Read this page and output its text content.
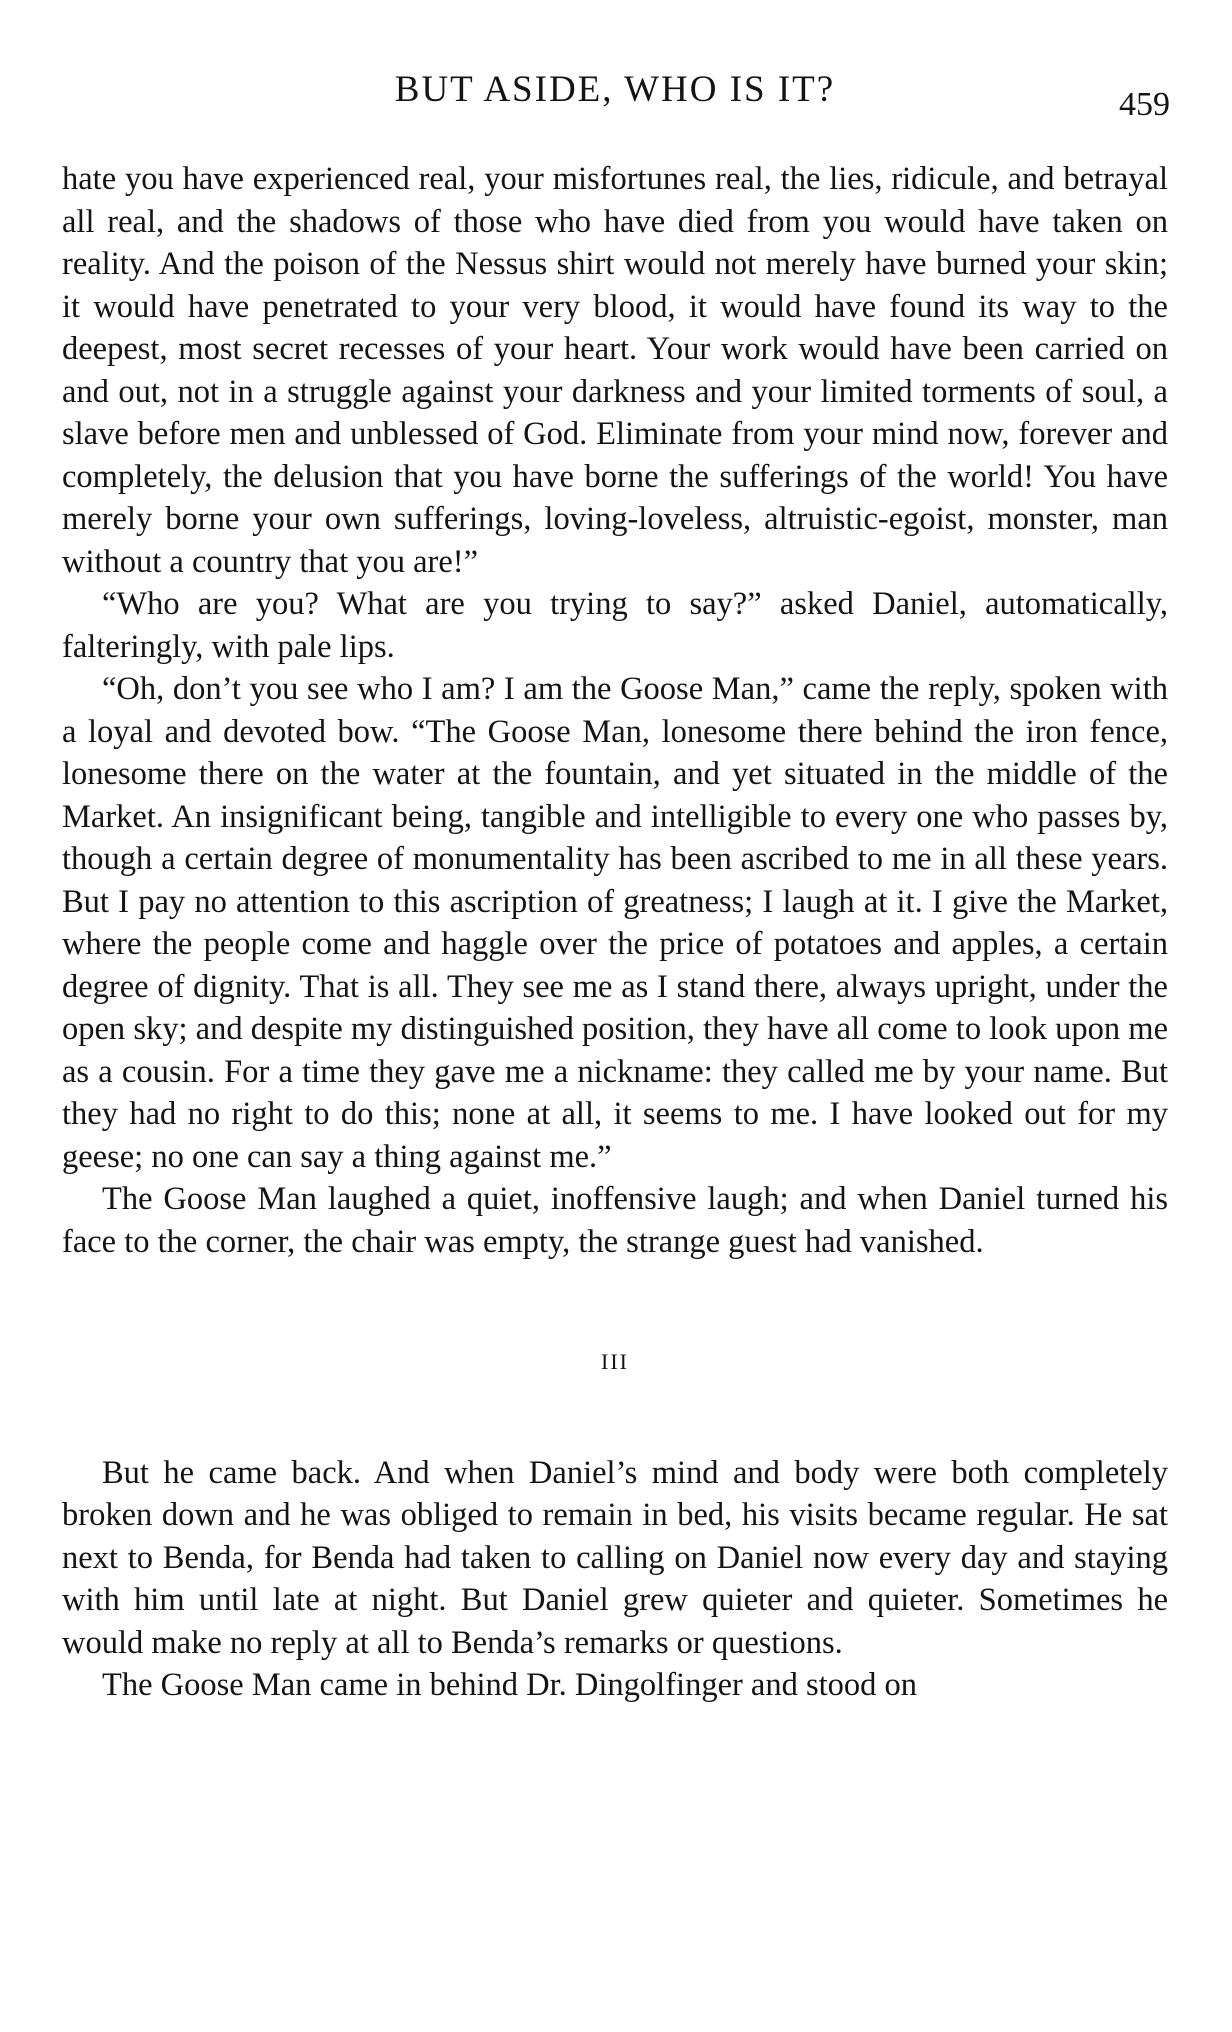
BUT ASIDE, WHO IS IT?	459

hate you have experienced real, your misfortunes real, the lies, ridicule, and betrayal all real, and the shadows of those who have died from you would have taken on reality. And the poison of the Nessus shirt would not merely have burned your skin; it would have penetrated to your very blood, it would have found its way to the deepest, most secret recesses of your heart. Your work would have been carried on and out, not in a struggle against your darkness and your limited torments of soul, a slave before men and unblessed of God. Eliminate from your mind now, forever and completely, the delusion that you have borne the sufferings of the world! You have merely borne your own sufferings, loving-loveless, altruistic-egoist, monster, man without a country that you are!”

“Who are you? What are you trying to say?” asked Daniel, automatically, falteringly, with pale lips.

“Oh, don’t you see who I am? I am the Goose Man,” came the reply, spoken with a loyal and devoted bow. “The Goose Man, lonesome there behind the iron fence, lonesome there on the water at the fountain, and yet situated in the middle of the Market. An insignificant being, tangible and intelligible to every one who passes by, though a certain degree of monumentality has been ascribed to me in all these years. But I pay no attention to this ascription of greatness; I laugh at it. I give the Market, where the people come and haggle over the price of potatoes and apples, a certain degree of dignity. That is all. They see me as I stand there, always upright, under the open sky; and despite my distinguished position, they have all come to look upon me as a cousin. For a time they gave me a nickname: they called me by your name. But they had no right to do this; none at all, it seems to me. I have looked out for my geese; no one can say a thing against me.”

The Goose Man laughed a quiet, inoffensive laugh; and when Daniel turned his face to the corner, the chair was empty, the strange guest had vanished.

III

But he came back. And when Daniel’s mind and body were both completely broken down and he was obliged to remain in bed, his visits became regular. He sat next to Benda, for Benda had taken to calling on Daniel now every day and staying with him until late at night. But Daniel grew quieter and quieter. Sometimes he would make no reply at all to Benda’s remarks or questions.

The Goose Man came in behind Dr. Dingolfinger and stood on
